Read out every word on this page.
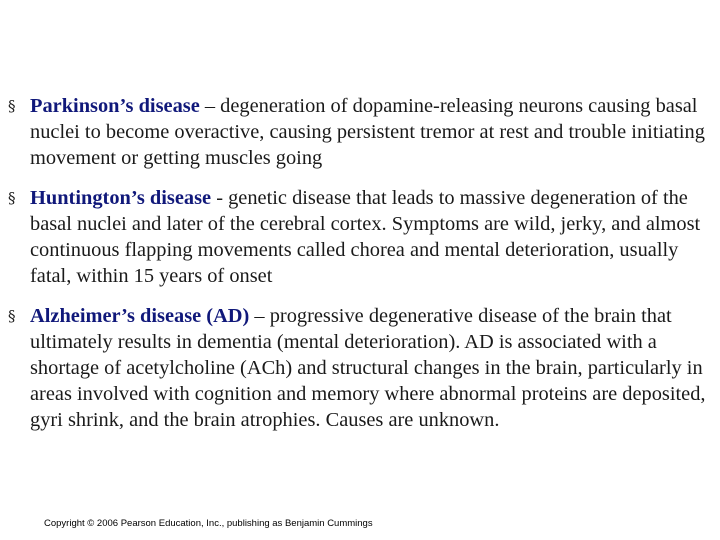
§ Parkinson’s disease – degeneration of dopamine-releasing neurons causing basal nuclei to become overactive, causing persistent tremor at rest and trouble initiating movement or getting muscles going
§ Huntington’s disease - genetic disease that leads to massive degeneration of the basal nuclei and later of the cerebral cortex. Symptoms are wild, jerky, and almost continuous flapping movements called chorea and mental deterioration, usually fatal, within 15 years of onset
§ Alzheimer’s disease (AD) – progressive degenerative disease of the brain that ultimately results in dementia (mental deterioration). AD is associated with a shortage of acetylcholine (ACh) and structural changes in the brain, particularly in areas involved with cognition and memory where abnormal proteins are deposited, gyri shrink, and the brain atrophies. Causes are unknown.
Copyright © 2006 Pearson Education, Inc., publishing as Benjamin Cummings
